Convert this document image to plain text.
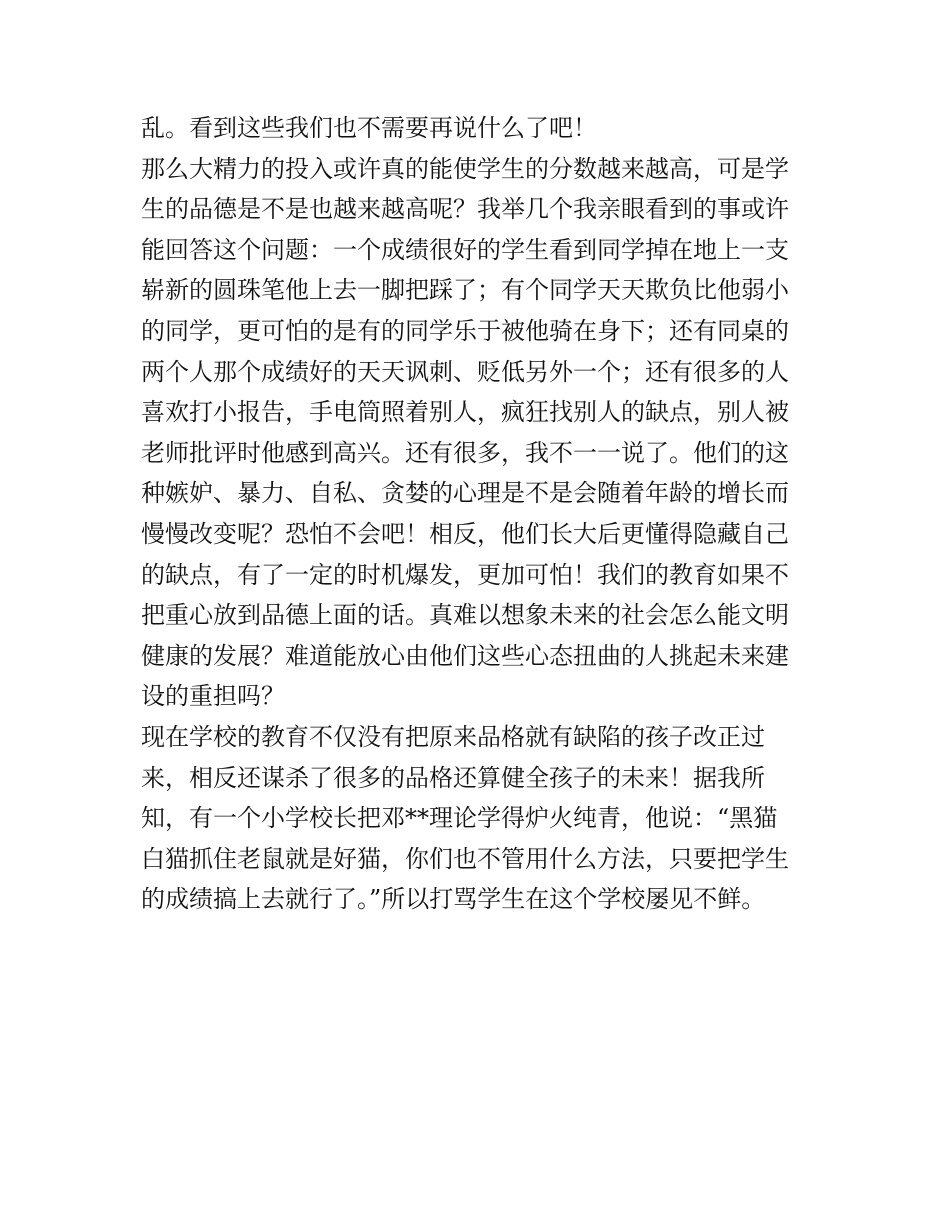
乱。看到这些我们也不需要再说什么了吧！
那么大精力的投入或许真的能使学生的分数越来越高，可是学
生的品德是不是也越来越高呢？我举几个我亲眼看到的事或许
能回答这个问题：一个成绩很好的学生看到同学掉在地上一支
崭新的圆珠笔他上去一脚把踩了；有个同学天天欺负比他弱小
的同学，更可怕的是有的同学乐于被他骑在身下；还有同桌的
两个人那个成绩好的天天讽刺、贬低另外一个；还有很多的人
喜欢打小报告，手电筒照着别人，疯狂找别人的缺点，别人被
老师批评时他感到高兴。还有很多，我不一一说了。他们的这
种嫉妒、暴力、自私、贪婪的心理是不是会随着年龄的增长而
慢慢改变呢？恐怕不会吧！相反，他们长大后更懂得隐藏自己
的缺点，有了一定的时机爆发，更加可怕！我们的教育如果不
把重心放到品德上面的话。真难以想象未来的社会怎么能文明
健康的发展？难道能放心由他们这些心态扭曲的人挑起未来建
设的重担吗？
现在学校的教育不仅没有把原来品格就有缺陷的孩子改正过
来，相反还谋杀了很多的品格还算健全孩子的未来！据我所
知，有一个小学校长把邓**理论学得炉火纯青，他说：“黑猫
白猫抓住老鼠就是好猫，你们也不管用什么方法，只要把学生
的成绩搞上去就行了。”所以打骂学生在这个学校屡见不鲜。
